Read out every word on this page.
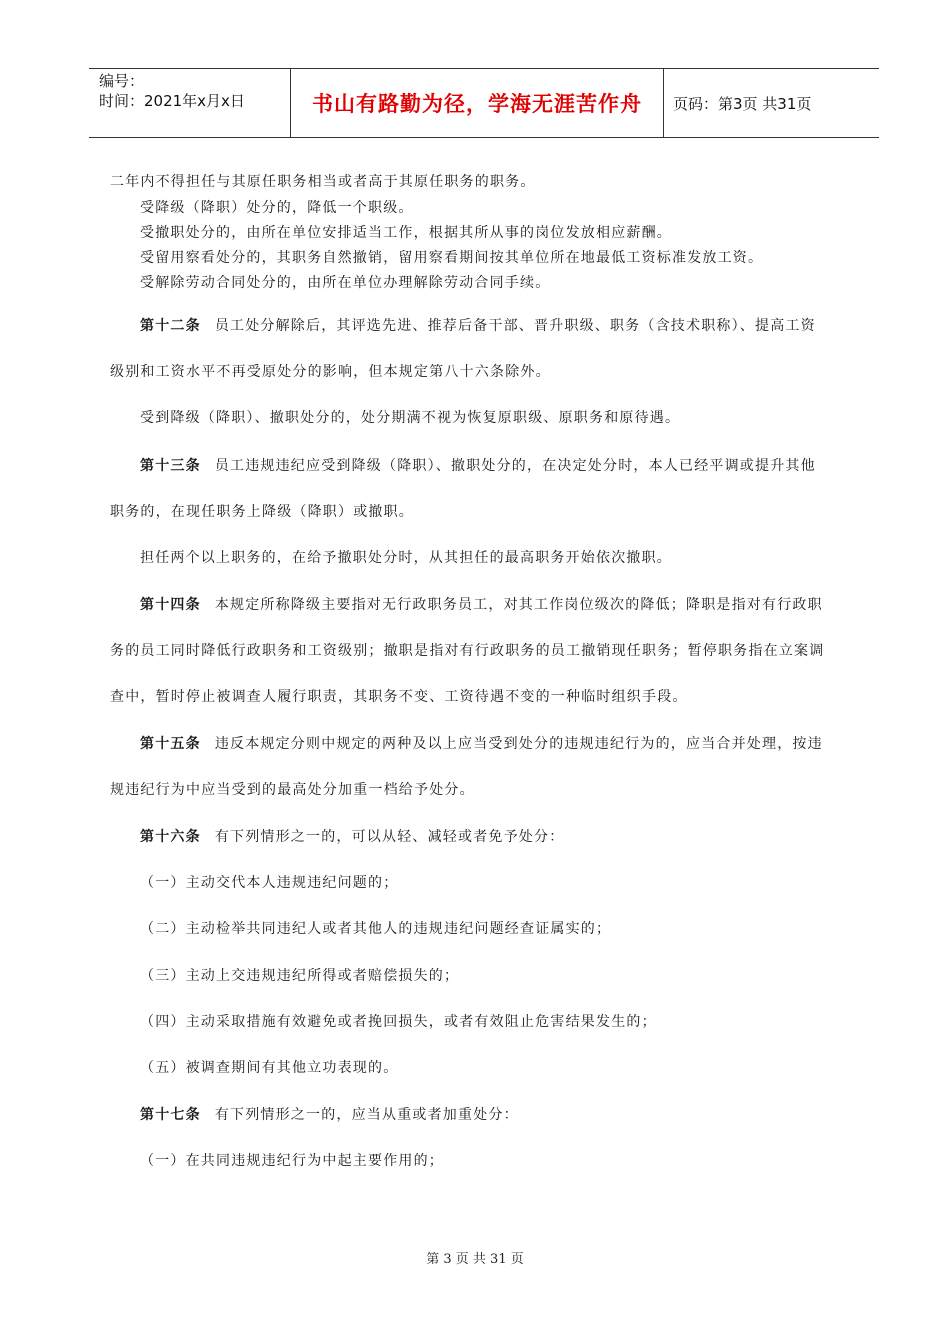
编号：
时间：2021年x月x日	书山有路勤为径，学海无涯苦作舟	页码：第3页 共31页

二年内不得担任与其原任职务相当或者高于其原任职务的职务。

受降级（降职）处分的，降低一个职级。

受撤职处分的，由所在单位安排适当工作，根据其所从事的岗位发放相应薪酬。

受留用察看处分的，其职务自然撤销，留用察看期间按其单位所在地最低工资标准发放工资。

受解除劳动合同处分的，由所在单位办理解除劳动合同手续。

第十二条 员工处分解除后，其评选先进、推荐后备干部、晋升职级、职务（含技术职称）、提高工资

级别和工资水平不再受原处分的影响，但本规定第八十六条除外。

受到降级（降职）、撤职处分的，处分期满不视为恢复原职级、原职务和原待遇。

第十三条 员工违规违纪应受到降级（降职）、撤职处分的，在决定处分时，本人已经平调或提升其他

职务的，在现任职务上降级（降职）或撤职。

担任两个以上职务的，在给予撤职处分时，从其担任的最高职务开始依次撤职。

第十四条 本规定所称降级主要指对无行政职务员工，对其工作岗位级次的降低；降职是指对有行政职

务的员工同时降低行政职务和工资级别；撤职是指对有行政职务的员工撤销现任职务；暂停职务指在立案调

查中，暂时停止被调查人履行职责，其职务不变、工资待遇不变的一种临时组织手段。

第十五条 违反本规定分则中规定的两种及以上应当受到处分的违规违纪行为的，应当合并处理，按违

规违纪行为中应当受到的最高处分加重一档给予处分。

第十六条 有下列情形之一的，可以从轻、减轻或者免予处分：

（一）主动交代本人违规违纪问题的；

（二）主动检举共同违纪人或者其他人的违规违纪问题经查证属实的；

（三）主动上交违规违纪所得或者赔偿损失的；

（四）主动采取措施有效避免或者挽回损失，或者有效阻止危害结果发生的；

（五）被调查期间有其他立功表现的。

第十七条 有下列情形之一的，应当从重或者加重处分：

（一）在共同违规违纪行为中起主要作用的；

第 3 页 共 31 页
